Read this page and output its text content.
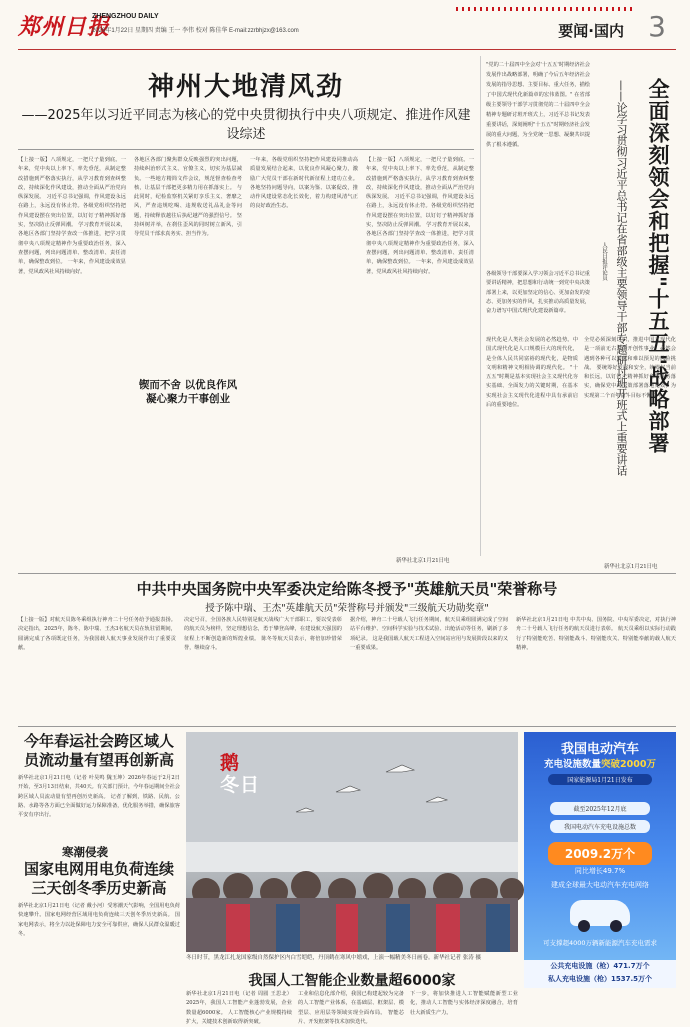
郑州日报
ZHENGZHOU DAILY
2026年1月22日 星期四 责编 王一 李伟 校对 陈佳华 E-mail:zzrbhjzx@163.com	要闻·国内 3
神州大地清风劲
——2025年以习近平同志为核心的党中央贯彻执行中央八项规定、推进作风建设综述
【上接一版】八项规定，一把尺子量到底。一年来，党中央以上率下、率先垂范，从制定整改措施到严格落实执行，从学习教育到查纠整改，持续深化作风建设，推动全面从严治党向纵深发展。 习近平总书记强调，作风建设永远在路上，永远没有休止符。各级党组织坚持把作风建设摆在突出位置，以钉钉子精神抓好落实，坚决防止反弹回潮。 学习教育开展以来，各地区各部门坚持学查改一体推进，把学习贯彻中央八项规定精神作为重要政治任务，深入查摆问题，列出问题清单、整改清单、责任清单，确保整改到位。 一年来，作风建设成效显著，党风政风社风持续向好。
各地区各部门聚焦群众反映强烈的突出问题，持续纠治形式主义、官僚主义，切实为基层减负。一些地方精简文件会议，规范督查检查考核，让基层干部把更多精力用在抓落实上。 与此同时，纪检监察机关紧盯享乐主义、奢靡之风，严查违规吃喝、违规收送礼品礼金等问题，持续释放越往后执纪越严的强烈信号。 坚持纠树并举，在刹住歪风的同时树立新风，引导党员干部求真务实、担当作为。
一年来，各级党组织坚持把作风建设同推动高质量发展结合起来，以优良作风凝心聚力，激励广大党员干部在新时代新征程上建功立业。 各地坚持问题导向，以案为鉴、以案促改，推动作风建设常态化长效化，着力构建风清气正的良好政治生态。
【上接一版】八项规定，一把尺子量到底。一年来，党中央以上率下、率先垂范，从制定整改措施到严格落实执行，从学习教育到查纠整改，持续深化作风建设，推动全面从严治党向纵深发展。 习近平总书记强调，作风建设永远在路上，永远没有休止符。各级党组织坚持把作风建设摆在突出位置，以钉钉子精神抓好落实，坚决防止反弹回潮。 学习教育开展以来，各地区各部门坚持学查改一体推进，把学习贯彻中央八项规定精神作为重要政治任务，深入查摆问题，列出问题清单、整改清单、责任清单，确保整改到位。 一年来，作风建设成效显著，党风政风社风持续向好。
锲而不舍 以优良作风凝心聚力干事创业
新华社北京1月21日电
"党的二十届四中全会对'十五五'时期经济社会发展作出战略部署，明确了今后五年经济社会发展的指导思想、主要目标、重大任务，描绘了中国式现代化新篇章的宏伟蓝图。" 在省部级主要领导干部学习贯彻党的二十届四中全会精神专题研讨班开班式上，习近平总书记发表重要讲话，深刻阐明"十五五"时期经济社会发展的重大问题，为全党统一思想、凝聚共识提供了根本遵循。	全面深刻领会和把握"十五五"战略部署
——论学习贯彻习近平总书记在省部级主要领导干部专题研讨班开班式上重要讲话
人民日报评论员
现代化是人类社会发展的必然趋势。中国式现代化是人口规模巨大的现代化，是全体人民共同富裕的现代化，是物质文明和精神文明相协调的现代化。 "十五五"时期是基本实现社会主义现代化夯实基础、全面发力的关键时期，在基本实现社会主义现代化进程中具有承前启后的重要地位。
全党必须深刻认识，推进中国式现代化是一项前无古人的开创性事业，必然会遇到各种可以预见和难以预见的风险挑战。 要统筹好发展和安全，统筹好当前和长远，以钉钉子精神抓好各项任务落实，确保党中央决策部署落地见效，为实现第二个百年奋斗目标不懈奋斗。
各级领导干部要深入学习领会习近平总书记重要讲话精神，把思想和行动统一到党中央决策部署上来，以更加坚定的信心、更加奋发的姿态、更加务实的作风，扎实推动高质量发展，奋力谱写中国式现代化建设新篇章。
新华社北京1月21日电
中共中央国务院中央军委决定给陈冬授予"英雄航天员"荣誉称号
授予陈中瑞、王杰"英雄航天员"荣誉称号并颁发"三级航天功勋奖章"
【上接一版】对航天员陈冬乘组执行神舟二十号任务给予通报表扬。决定指出，2025年，陈冬、陈中瑞、王杰3名航天员在轨驻留期间，圆满完成了各项既定任务，为我国载人航天事业发展作出了重要贡献。
决定号召，全国各族人民特别是航天战线广大干部职工，要以受表彰的航天员为榜样，坚定理想信念，勇于攀登高峰，在建设航天强国的征程上不断创造新的辉煌业绩。 陈冬等航天员表示，将倍加珍惜荣誉，继续奋斗。
据介绍，神舟二十号载人飞行任务期间，航天员乘组圆满完成了空间站平台维护、空间科学实验与技术试验、出舱活动等任务，刷新了多项纪录。 这是我国载人航天工程进入空间站应用与发展阶段以来的又一重要成果。
新华社北京1月21日电 中共中央、国务院、中央军委决定，对执行神舟二十号载人飞行任务的航天员进行表彰。 航天员乘组以实际行动践行了特别能吃苦、特别能战斗、特别能攻关、特别能奉献的载人航天精神。
今年春运社会跨区域人员流动量有望再创新高
新华社北京1月21日电（记者 叶昊鸣 魏玉坤）2026年春运于2月2日开始，至3月13日结束，共40天。有关部门预计，今年春运期间全社会跨区域人员流动量有望再创历史新高。 记者了解到，铁路、民航、公路、水路等各方面已全面做好运力保障准备，优化服务举措，确保旅客平安有序出行。
寒潮侵袭
国家电网用电负荷连续三天创冬季历史新高
新华社北京1月21日电（记者 戴小河）受寒潮天气影响，全国用电负荷快速攀升。国家电网经营区域用电负荷连续三天创冬季历史新高。 国家电网表示，将全力以赴保障电力安全可靠供应，确保人民群众温暖过冬。
鹅
冬日
冬日时节，黑龙江扎龙国家级自然保护区内白雪皑皑，丹顶鹤在寒风中嬉戏，上演一幅精美冬日画卷。新华社记者 张涛 摄
我国人工智能企业数量超6000家
新华社北京1月21日电（记者 周圆 王思北）2025年，我国人工智能产业蓬勃发展，企业数量超6000家。 人工智能核心产业规模持续扩大，关键技术创新取得新突破。
工业和信息化部介绍，我国已构建起较为完备的人工智能产业体系，在基础层、框架层、模型层、应用层等领域实现全面布局。 智能芯片、开发框架等技术加快迭代。
下一步，将加快推进人工智能赋能新型工业化，推动人工智能与实体经济深度融合，培育壮大新质生产力。
我国电动汽车
充电设施数量突破2000万
国家能源局1月21日发布
截至2025年12月底
我国电动汽车充电设施总数
2009.2万个
同比增长49.7%
建成全球最大电动汽车充电网络
可支撑超4000万辆新能源汽车充电需求
公共充电设施（枪）471.7万个
私人充电设施（枪）1537.5万个
